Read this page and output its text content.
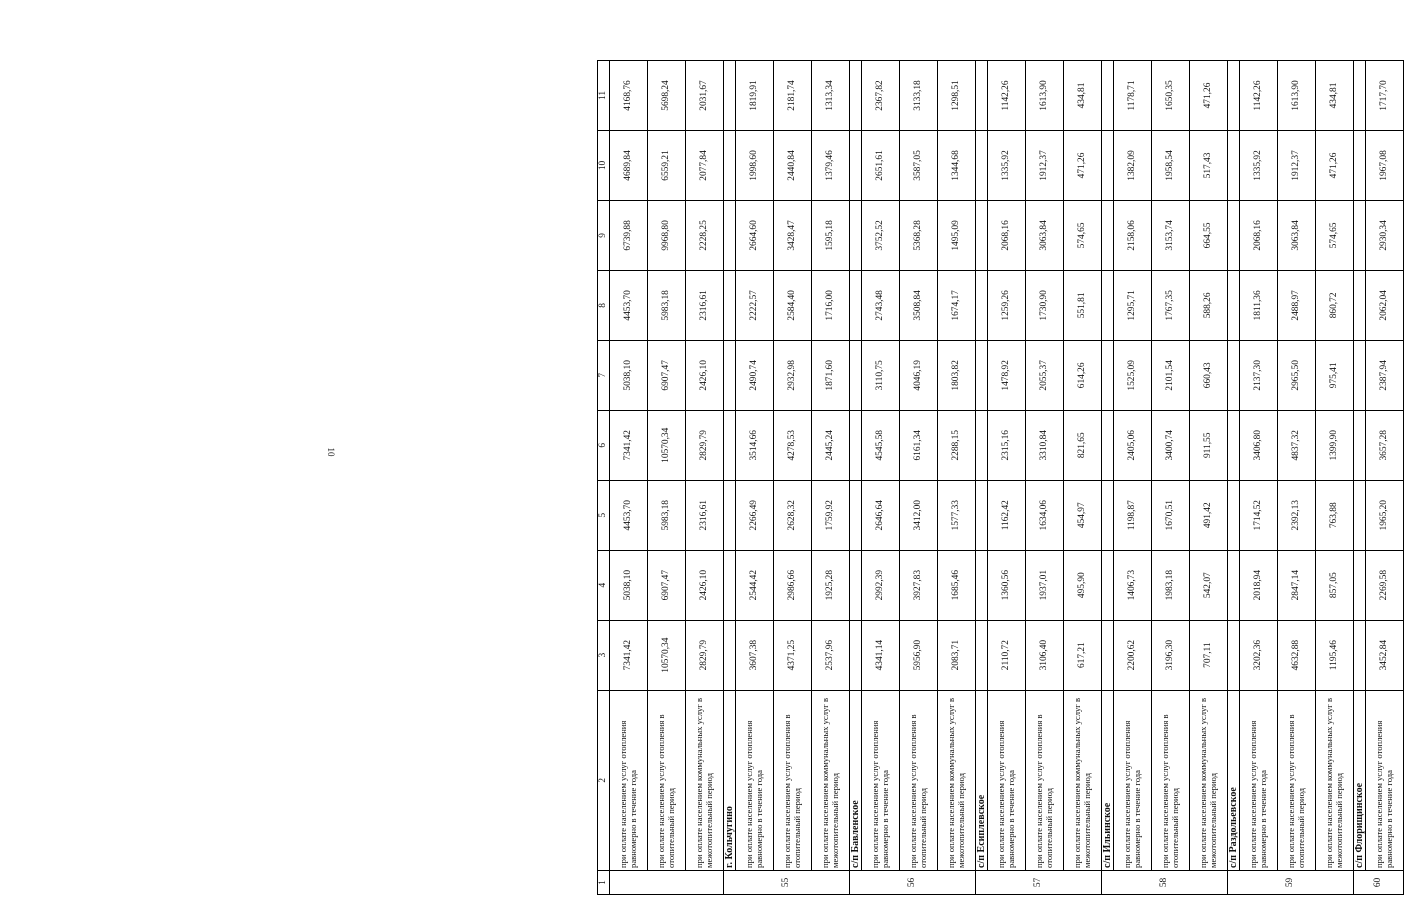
10
1	2	3	4	5	6	7	8	9	10	11
	при оплате населением услуг отопления равномерно в течение года	7341,42	5038,10	4453,70	7341,42	5038,10	4453,70	6739,88	4689,84	4168,76
	при оплате населением услуг отопления в отопительный период	10570,34	6907,47	5983,18	10570,34	6907,47	5983,18	9968,80	6559,21	5698,24
	при оплате населением коммунальных услуг в межотопительный период	2829,79	2426,10	2316,61	2829,79	2426,10	2316,61	2228,25	2077,84	2031,67
55	г. Кольчугино									
	при оплате населением услуг отопления равномерно в течение года	3607,38	2544,42	2266,49	3514,66	2490,74	2222,57	2664,60	1998,60	1819,91
	при оплате населением услуг отопления в отопительный период	4371,25	2986,66	2628,32	4278,53	2932,98	2584,40	3428,47	2440,84	2181,74
	при оплате населением коммунальных услуг в межотопительный период	2537,96	1925,28	1759,92	2445,24	1871,60	1716,00	1595,18	1379,46	1313,34
56	с/п Бавленское									
	при оплате населением услуг отопления равномерно в течение года	4341,14	2992,39	2646,64	4545,58	3110,75	2743,48	3752,52	2651,61	2367,82
	при оплате населением услуг отопления в отопительный период	5956,90	3927,83	3412,00	6161,34	4046,19	3508,84	5368,28	3587,05	3133,18
	при оплате населением коммунальных услуг в межотопительный период	2083,71	1685,46	1577,33	2288,15	1803,82	1674,17	1495,09	1344,68	1298,51
57	с/п Есиплевское									
	при оплате населением услуг отопления равномерно в течение года	2110,72	1360,56	1162,42	2315,16	1478,92	1259,26	2068,16	1335,92	1142,26
	при оплате населением услуг отопления в отопительный период	3106,40	1937,01	1634,06	3310,84	2055,37	1730,90	3063,84	1912,37	1613,90
	при оплате населением коммунальных услуг в межотопительный период	617,21	495,90	454,97	821,65	614,26	551,81	574,65	471,26	434,81
58	с/п Ильинское									
	при оплате населением услуг отопления равномерно в течение года	2200,62	1406,73	1198,87	2405,06	1525,09	1295,71	2158,06	1382,09	1178,71
	при оплате населением услуг отопления в отопительный период	3196,30	1983,18	1670,51	3400,74	2101,54	1767,35	3153,74	1958,54	1650,35
	при оплате населением коммунальных услуг в межотопительный период	707,11	542,07	491,42	911,55	660,43	588,26	664,55	517,43	471,26
59	с/п Раздольевское									
	при оплате населением услуг отопления равномерно в течение года	3202,36	2018,94	1714,52	3406,80	2137,30	1811,36	2068,16	1335,92	1142,26
	при оплате населением услуг отопления в отопительный период	4632,88	2847,14	2392,13	4837,32	2965,50	2488,97	3063,84	1912,37	1613,90
	при оплате населением коммунальных услуг в межотопительный период	1195,46	857,05	763,88	1399,90	975,41	860,72	574,65	471,26	434,81
60	с/п Флорищинское									
	при оплате населением услуг отопления равномерно в течение года	3452,84	2269,58	1965,20	3657,28	2387,94	2062,04	2930,34	1967,08	1717,70
